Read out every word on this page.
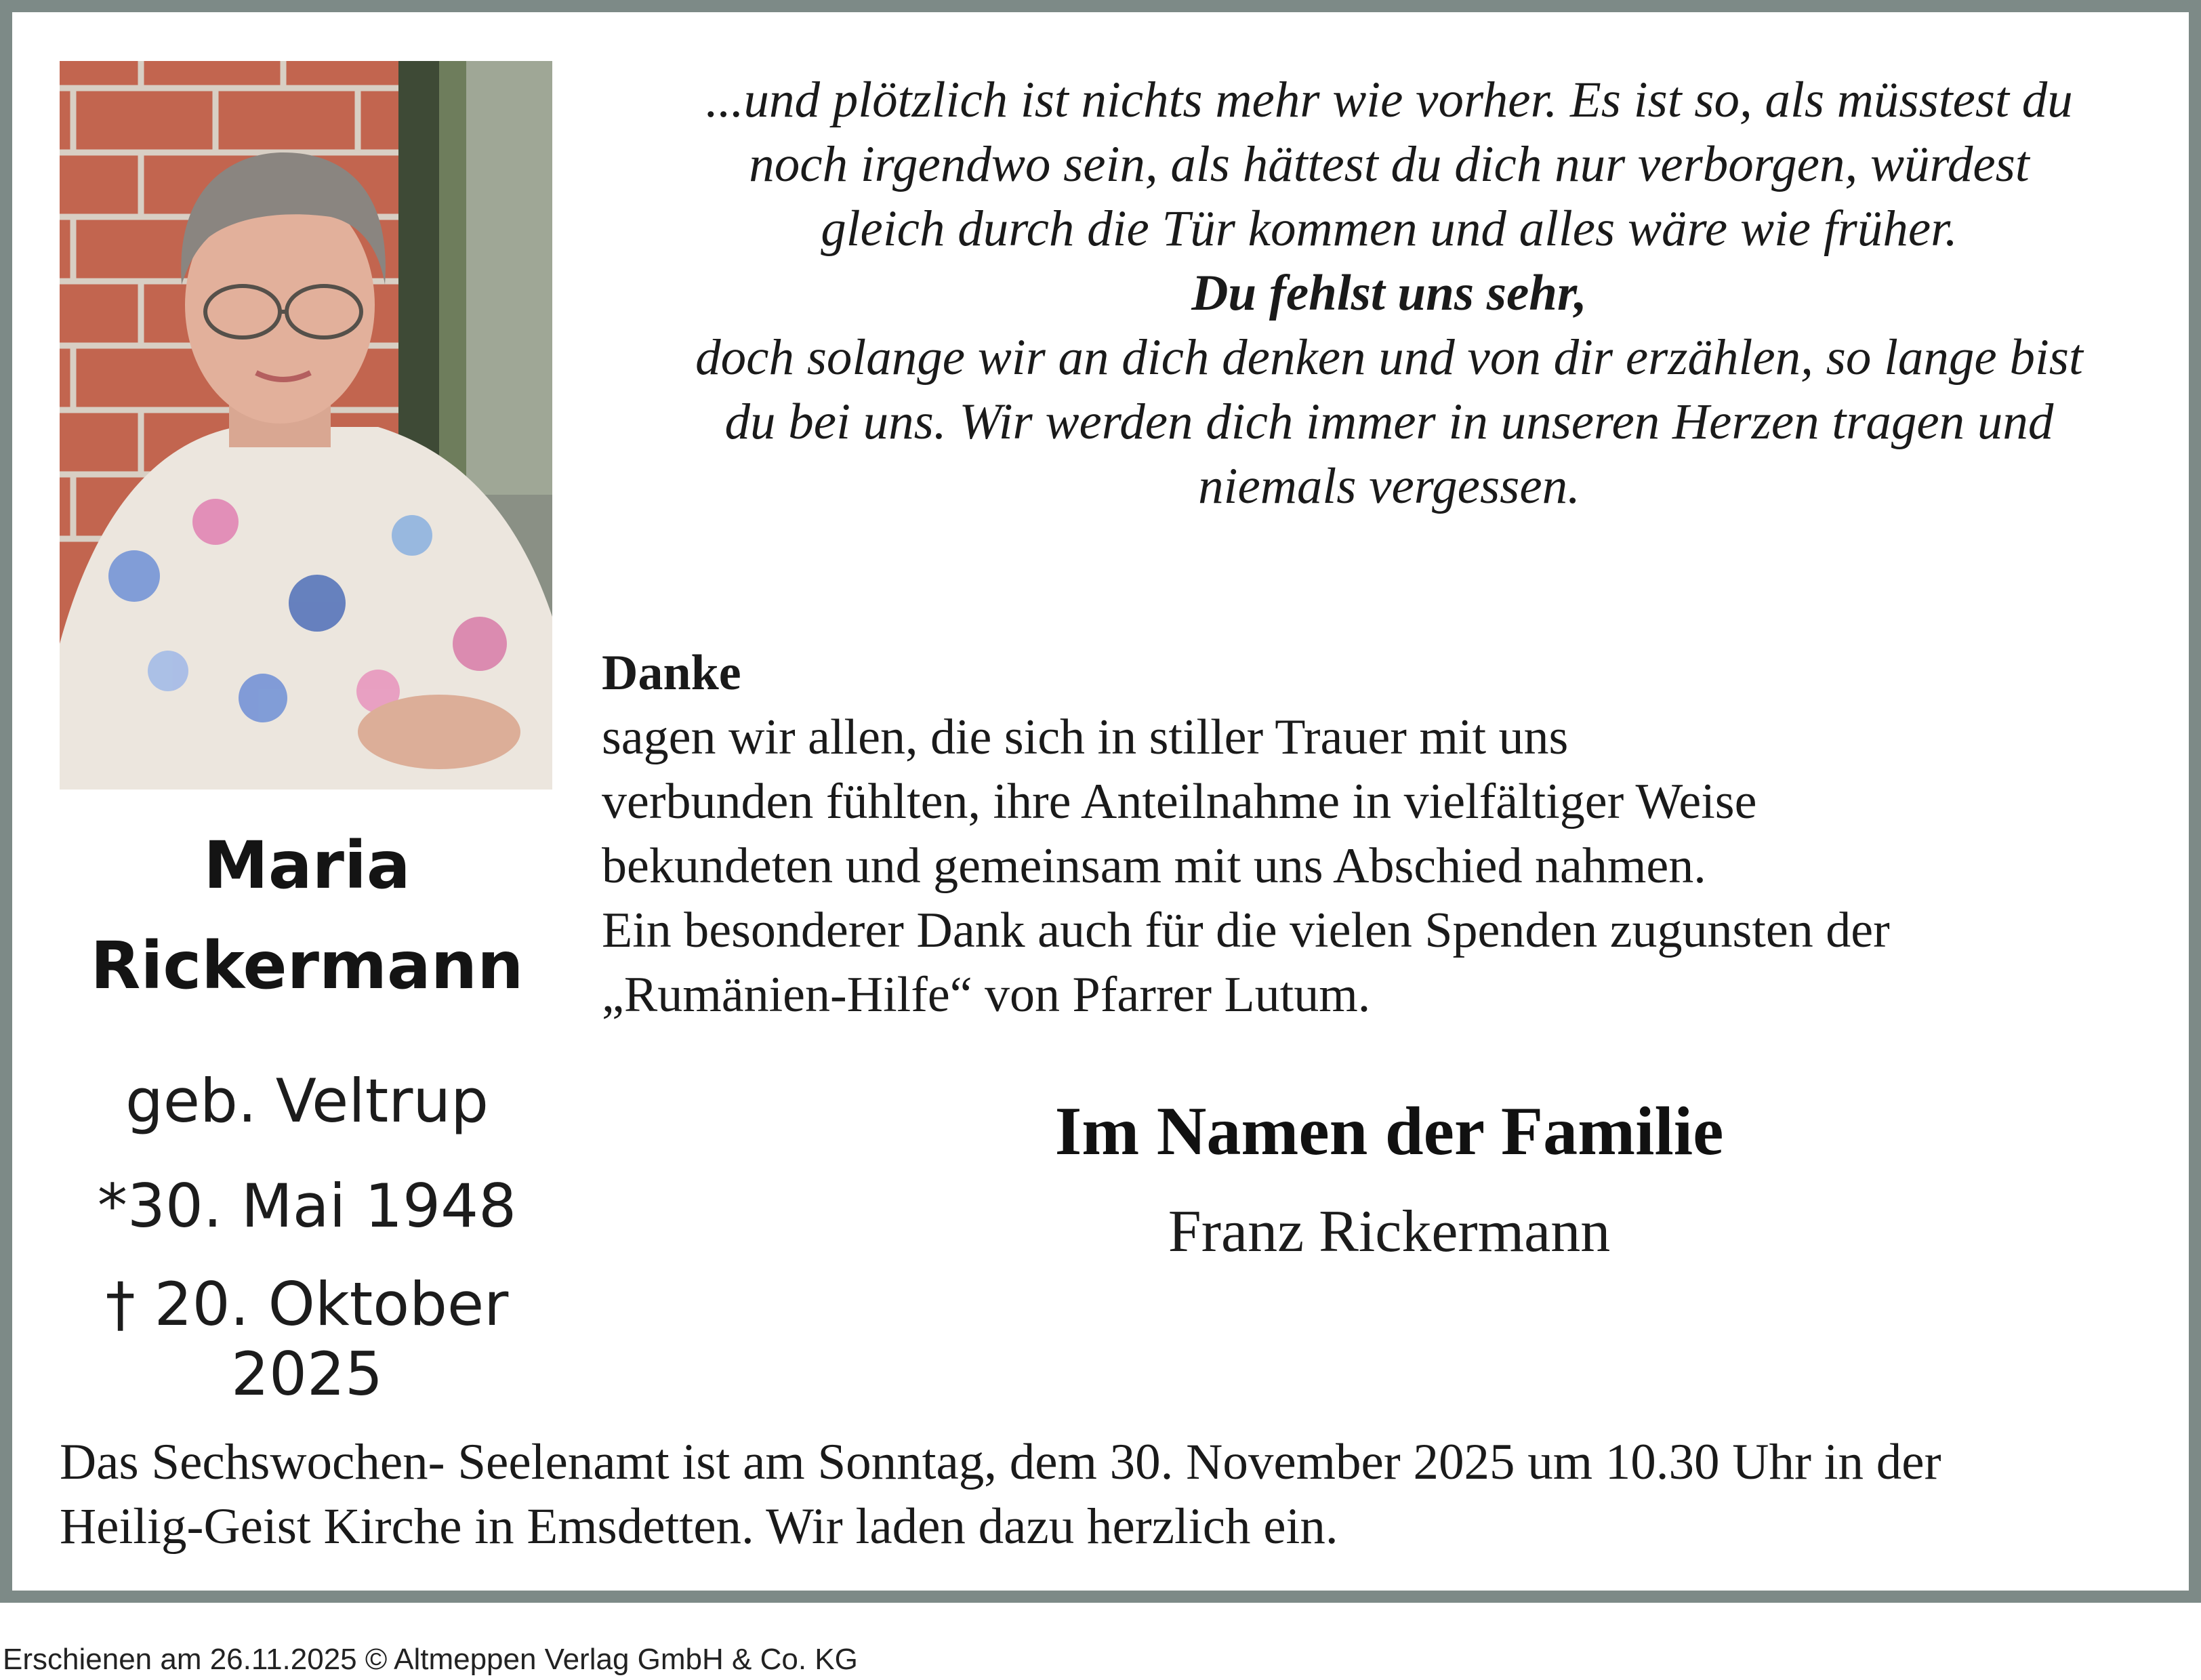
Maria
Rickermann
geb. Veltrup
*30. Mai 1948
† 20. Oktober 2025
...und plötzlich ist nichts mehr wie vorher. Es ist so, als müsstest du
noch irgendwo sein, als hättest du dich nur verborgen, würdest
gleich durch die Tür kommen und alles wäre wie früher.
Du fehlst uns sehr,
doch solange wir an dich denken und von dir erzählen, so lange bist
du bei uns. Wir werden dich immer in unseren Herzen tragen und
niemals vergessen.
Danke
sagen wir allen, die sich in stiller Trauer mit uns
verbunden fühlten, ihre Anteilnahme in vielfältiger Weise
bekundeten und gemeinsam mit uns Abschied nahmen.
Ein besonderer Dank auch für die vielen Spenden zugunsten der
„Rumänien-Hilfe“ von Pfarrer Lutum.
Im Namen der Familie
Franz Rickermann
Das Sechswochen- Seelenamt ist am Sonntag, dem 30. November 2025 um 10.30 Uhr in der
Heilig-Geist Kirche in Emsdetten. Wir laden dazu herzlich ein.
Erschienen am 26.11.2025 © Altmeppen Verlag GmbH & Co. KG
